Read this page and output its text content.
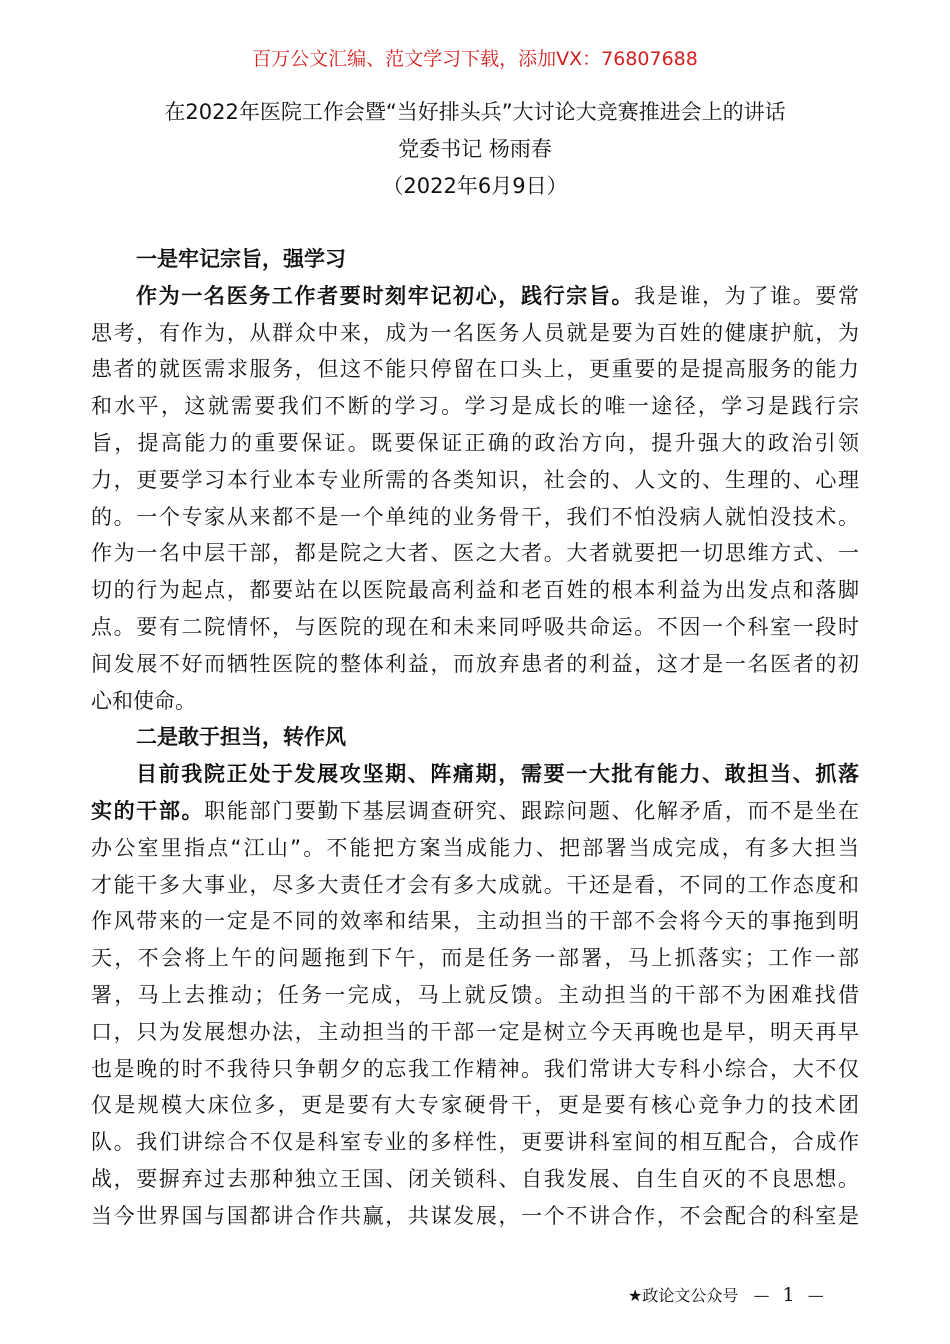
百万公文汇编、范文学习下载，添加VX：76807688
在2022年医院工作会暨“当好排头兵”大讨论大竞赛推进会上的讲话
党委书记 杨雨春
（2022年6月9日）
一是牢记宗旨，强学习
作为一名医务工作者要时刻牢记初心，践行宗旨。我是谁，为了谁。要常
思考，有作为，从群众中来，成为一名医务人员就是要为百姓的健康护航，为
患者的就医需求服务，但这不能只停留在口头上，更重要的是提高服务的能力
和水平，这就需要我们不断的学习。学习是成长的唯一途径，学习是践行宗
旨，提高能力的重要保证。既要保证正确的政治方向，提升强大的政治引领
力，更要学习本行业本专业所需的各类知识，社会的、人文的、生理的、心理
的。一个专家从来都不是一个单纯的业务骨干，我们不怕没病人就怕没技术。
作为一名中层干部，都是院之大者、医之大者。大者就要把一切思维方式、一
切的行为起点，都要站在以医院最高利益和老百姓的根本利益为出发点和落脚
点。要有二院情怀，与医院的现在和未来同呼吸共命运。不因一个科室一段时
间发展不好而牺牲医院的整体利益，而放弃患者的利益，这才是一名医者的初
心和使命。
二是敢于担当，转作风
目前我院正处于发展攻坚期、阵痛期，需要一大批有能力、敢担当、抓落
实的干部。职能部门要勤下基层调查研究、跟踪问题、化解矛盾，而不是坐在
办公室里指点“江山”。不能把方案当成能力、把部署当成完成，有多大担当
才能干多大事业，尽多大责任才会有多大成就。干还是看，不同的工作态度和
作风带来的一定是不同的效率和结果，主动担当的干部不会将今天的事拖到明
天，不会将上午的问题拖到下午，而是任务一部署，马上抓落实；工作一部
署，马上去推动；任务一完成，马上就反馈。主动担当的干部不为困难找借
口，只为发展想办法，主动担当的干部一定是树立今天再晚也是早，明天再早
也是晚的时不我待只争朝夕的忘我工作精神。我们常讲大专科小综合，大不仅
仅是规模大床位多，更是要有大专家硬骨干，更是要有核心竞争力的技术团
队。我们讲综合不仅是科室专业的多样性，更要讲科室间的相互配合，合成作
战，要摒弃过去那种独立王国、闭关锁科、自我发展、自生自灭的不良思想。
当今世界国与国都讲合作共赢，共谋发展，一个不讲合作，不会配合的科室是
★政论文公众号 — 1 —
